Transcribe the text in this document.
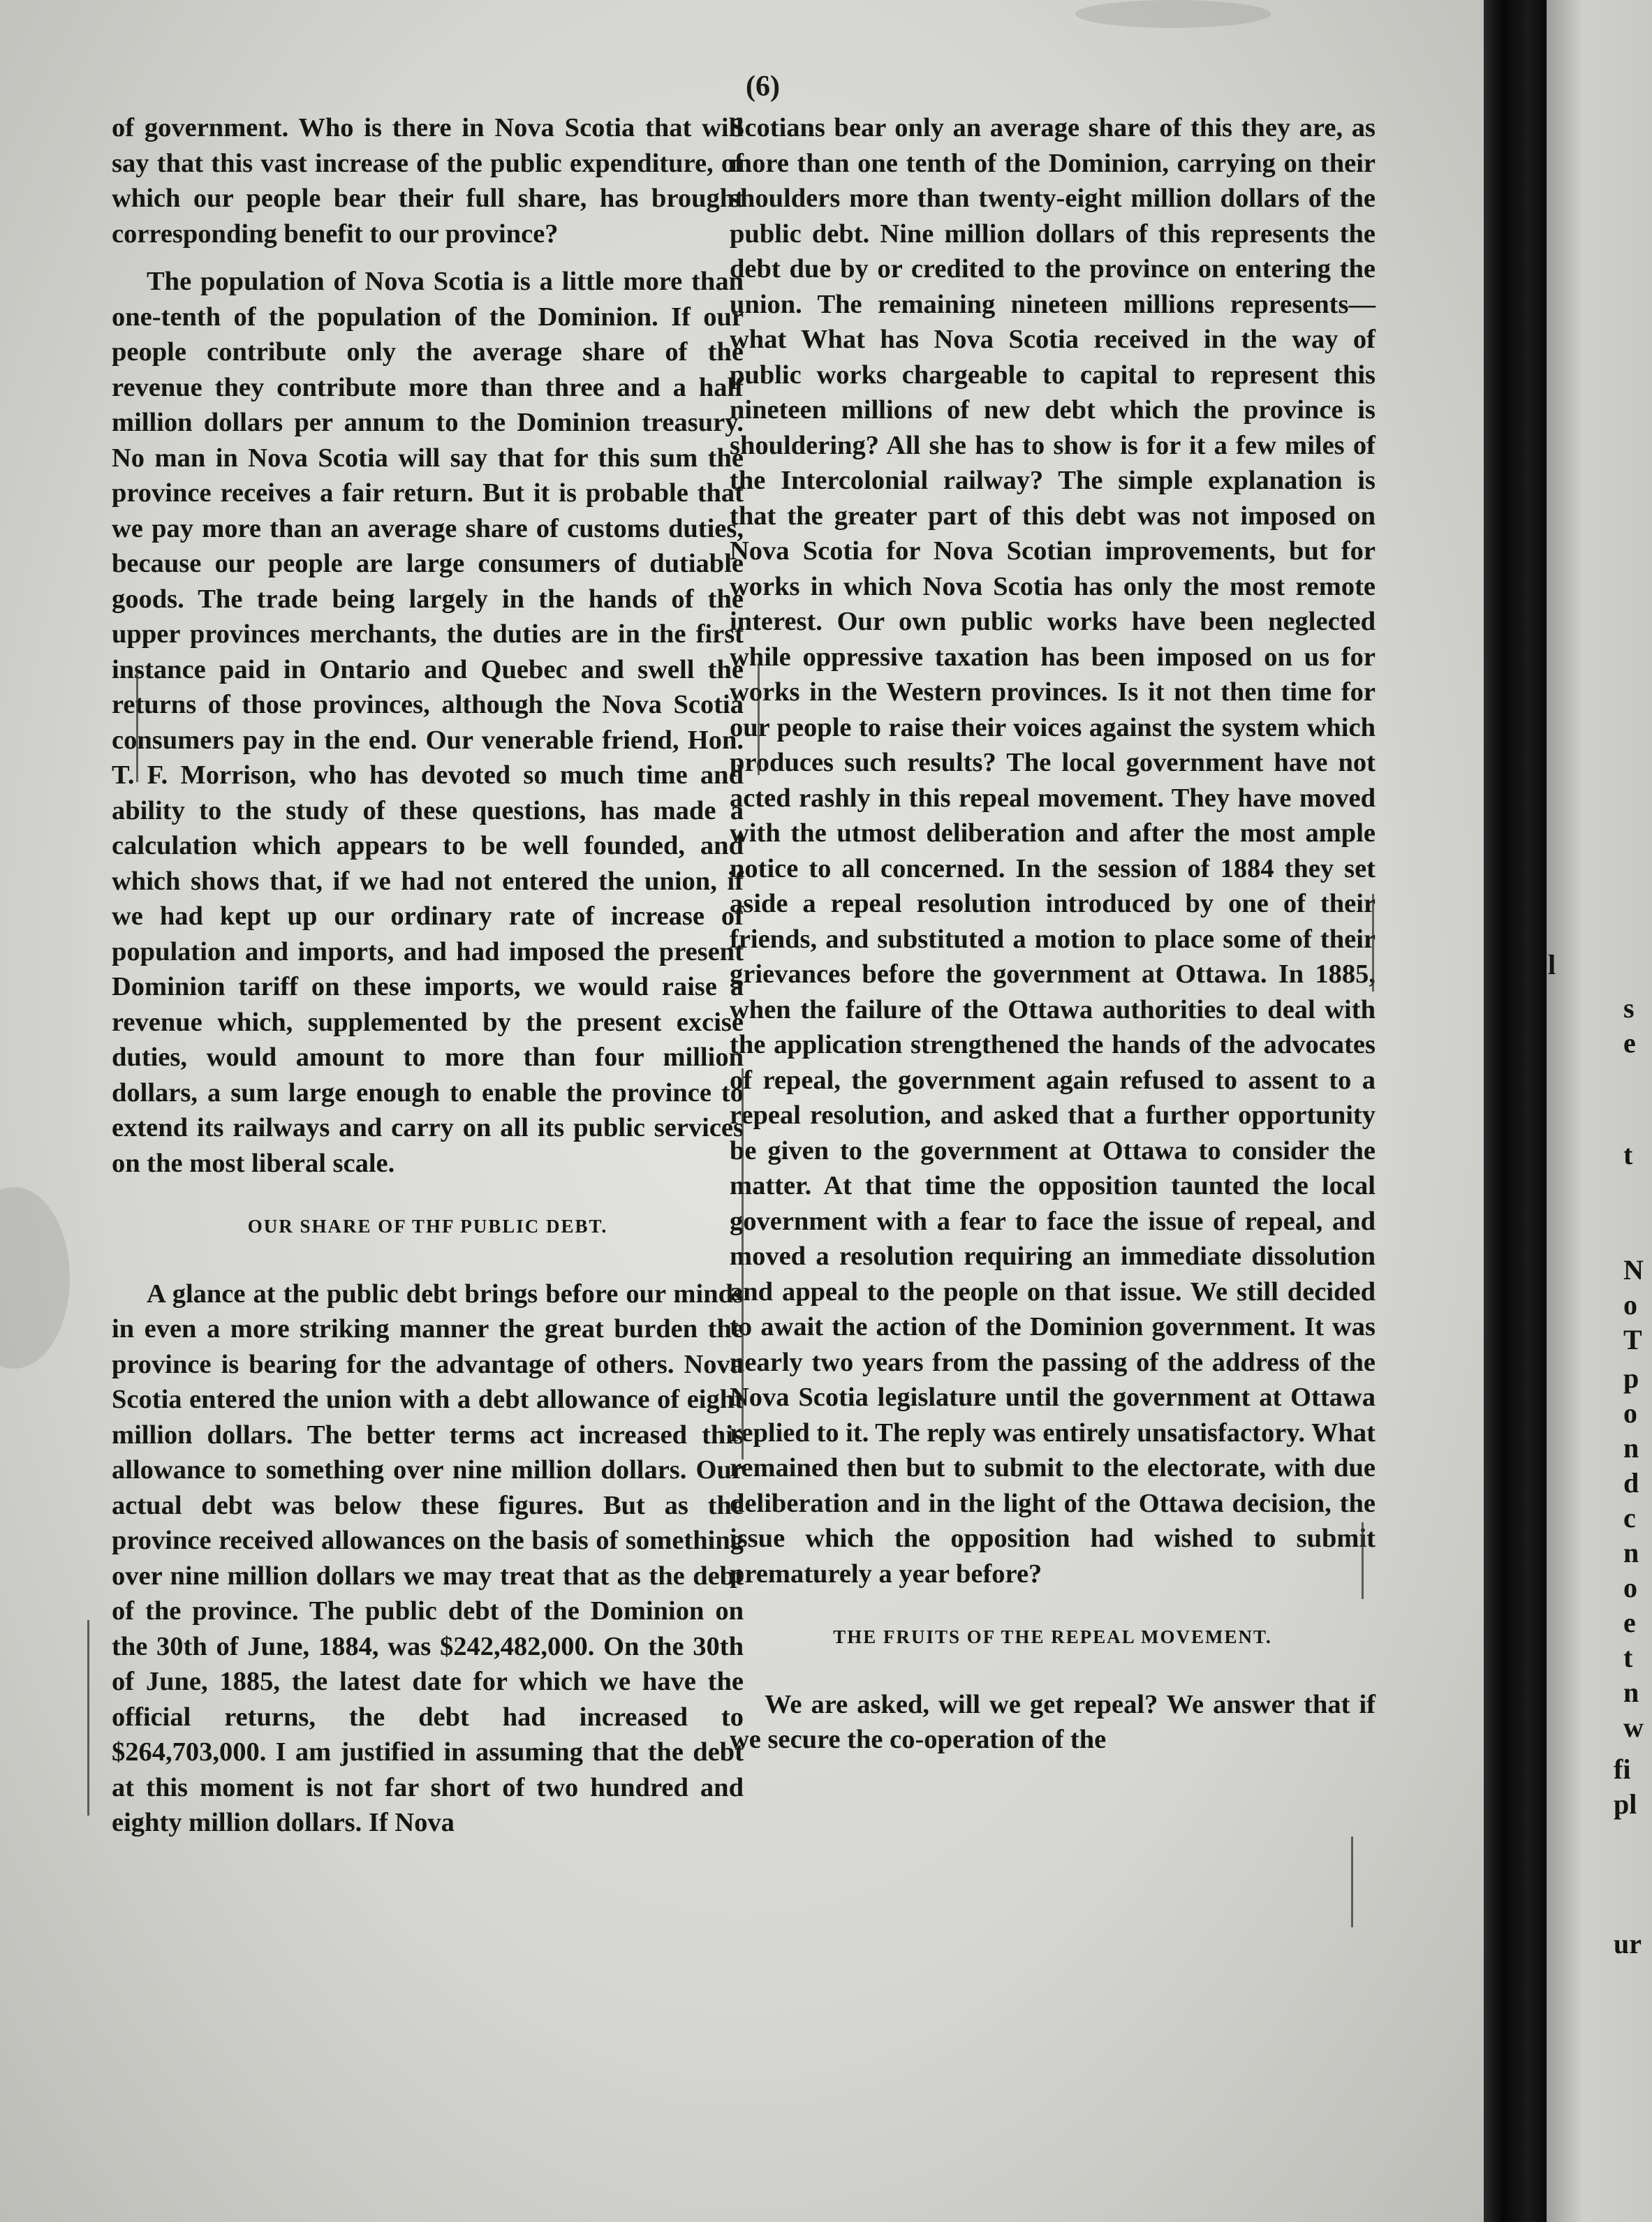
(6)

of government. Who is there in Nova Scotia that will say that this vast increase of the public expenditure, of which our people bear their full share, has brought corresponding benefit to our province?

The population of Nova Scotia is a little more than one-tenth of the population of the Dominion. If our people contribute only the average share of the revenue they contribute more than three and a half million dollars per annum to the Dominion treasury. No man in Nova Scotia will say that for this sum the province receives a fair return. But it is probable that we pay more than an average share of customs duties, because our people are large consumers of dutiable goods. The trade being largely in the hands of the upper provinces merchants, the duties are in the first instance paid in Ontario and Quebec and swell the returns of those provinces, although the Nova Scotia consumers pay in the end. Our venerable friend, Hon. T. F. Morrison, who has devoted so much time and ability to the study of these questions, has made a calculation which appears to be well founded, and which shows that, if we had not entered the union, if we had kept up our ordinary rate of increase of population and imports, and had imposed the present Dominion tariff on these imports, we would raise a revenue which, supplemented by the present excise duties, would amount to more than four million dollars, a sum large enough to enable the province to extend its railways and carry on all its public services on the most liberal scale.

OUR SHARE OF THF PUBLIC DEBT.

A glance at the public debt brings before our minds in even a more striking manner the great burden the province is bearing for the advantage of others. Nova Scotia entered the union with a debt allowance of eight million dollars. The better terms act increased this allowance to something over nine million dollars. Our actual debt was below these figures. But as the province received allowances on the basis of something over nine million dollars we may treat that as the debt of the province. The public debt of the Dominion on the 30th of June, 1884, was $242,482,000. On the 30th of June, 1885, the latest date for which we have the official returns, the debt had increased to $264,703,000. I am justified in assuming that the debt at this moment is not far short of two hundred and eighty million dollars. If Nova

Scotians bear only an average share of this they are, as more than one tenth of the Dominion, carrying on their shoulders more than twenty-eight million dollars of the public debt. Nine million dollars of this represents the debt due by or credited to the province on entering the union. The remaining nineteen millions represents—what What has Nova Scotia received in the way of public works chargeable to capital to represent this nineteen millions of new debt which the province is shouldering? All she has to show is for it a few miles of the Intercolonial railway? The simple explanation is that the greater part of this debt was not imposed on Nova Scotia for Nova Scotian improvements, but for works in which Nova Scotia has only the most remote interest. Our own public works have been neglected while oppressive taxation has been imposed on us for works in the Western provinces. Is it not then time for our people to raise their voices against the system which produces such results? The local government have not acted rashly in this repeal movement. They have moved with the utmost deliberation and after the most ample notice to all concerned. In the session of 1884 they set aside a repeal resolution introduced by one of their friends, and substituted a motion to place some of their grievances before the government at Ottawa. In 1885, when the failure of the Ottawa authorities to deal with the application strengthened the hands of the advocates of repeal, the government again refused to assent to a repeal resolution, and asked that a further opportunity be given to the government at Ottawa to consider the matter. At that time the opposition taunted the local government with a fear to face the issue of repeal, and moved a resolution requiring an immediate dissolution and appeal to the people on that issue. We still decided to await the action of the Dominion government. It was nearly two years from the passing of the address of the Nova Scotia legislature until the government at Ottawa replied to it. The reply was entirely unsatisfactory. What remained then but to submit to the electorate, with due deliberation and in the light of the Ottawa decision, the issue which the opposition had wished to submit prematurely a year before?

THE FRUITS OF THE REPEAL MOVEMENT.

We are asked, will we get repeal? We answer that if we secure the co-operation of the

l
s
e
t
N
o
T
p
o
n
d
c
n
o
e
t
n
w
fi
pl
ur
